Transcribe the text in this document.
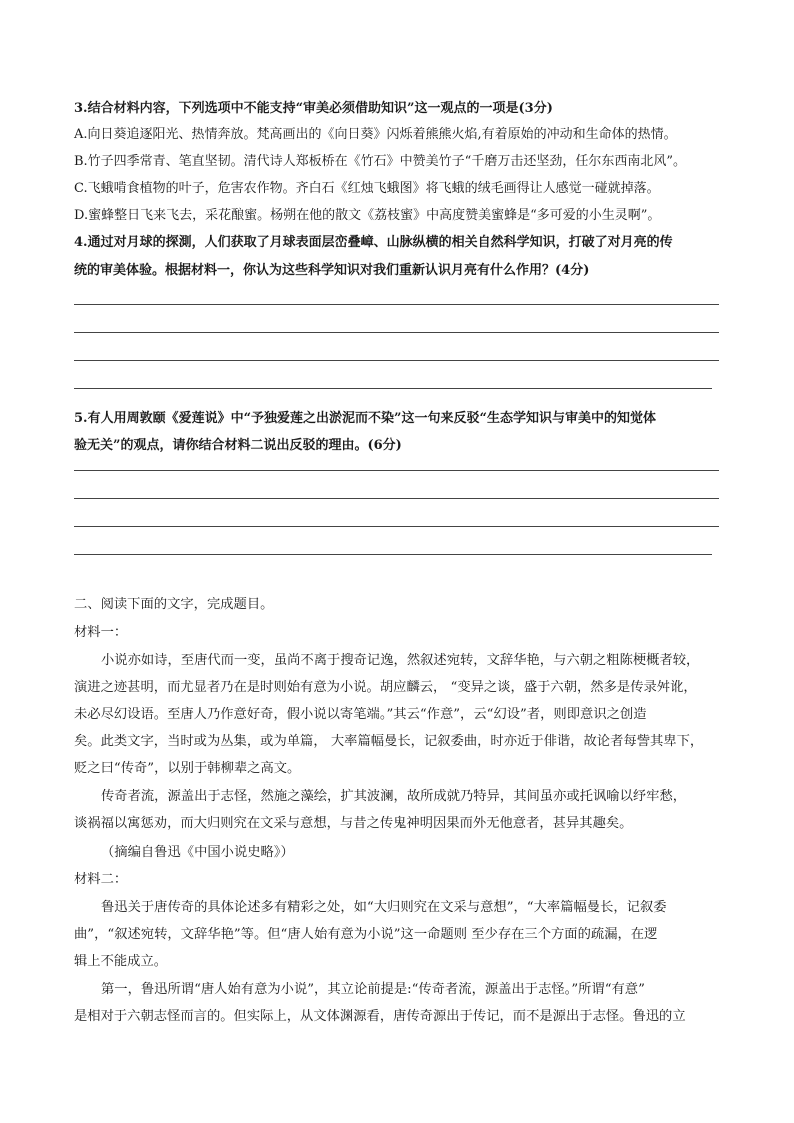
3.结合材料内容，下列选项中不能支持“审美必须借助知识”这一观点的一项是(3分)
A.向日葵追逐阳光、热情奔放。梵高画出的《向日葵》闪烁着熊熊火焰,有着原始的冲动和生命体的热情。
B.竹子四季常青、笔直坚韧。清代诗人郑板桥在《竹石》中赞美竹子“千磨万击还坚劲，任尔东西南北风”。
C.飞蛾啃食植物的叶子，危害农作物。齐白石《红烛飞蛾图》将飞蛾的绒毛画得让人感觉一碰就掉落。
D.蜜蜂整日飞来飞去，采花酿蜜。杨朔在他的散文《荔枝蜜》中高度赞美蜜蜂是“多可爱的小生灵啊”。
4.通过对月球的探測，人们获取了月球表面层峦叠嶂、山脉纵横的相关自然科学知识，打破了对月亮的传
统的审美体验。根据材料一，你认为这些科学知识对我们重新认识月亮有什么作用？(4分)
5.有人用周敦颐《爱莲说》中“予独爱莲之出淤泥而不染”这一句来反驳“生态学知识与审美中的知觉体
验无关”的观点，请你结合材料二说出反驳的理由。(6分)
二、阅读下面的文字，完成题目。
材料一：
小说亦如诗，至唐代而一变，虽尚不离于搜奇记逸，然叙述宛转，文辞华艳，与六朝之粗陈梗概者较，
演进之迹甚明，而尤显者乃在是时则始有意为小说。胡应麟云， “变异之谈，盛于六朝，然多是传录舛讹，
未必尽幻设语。至唐人乃作意好奇，假小说以寄笔端。”其云“作意”，云“幻设”者，则即意识之创造
矣。此类文字，当时或为丛集，或为单篇， 大率篇幅曼长，记叙委曲，时亦近于俳谐，故论者每訾其卑下，
贬之曰“传奇”，以别于韩柳辈之高文。
传奇者流，源盖出于志怪，然施之藻绘，扩其波澜，故所成就乃特异，其间虽亦或托讽喻以纾牢愁，
谈祸福以寓惩劝，而大归则究在文采与意想，与昔之传鬼神明因果而外无他意者，甚异其趣矣。
（摘编自鲁迅《中国小说史略》）
材料二：
鲁迅关于唐传奇的具体论述多有精彩之处，如“大归则究在文采与意想”，“大率篇幅曼长，记叙委
曲”，“叙述宛转，文辞华艳”等。但“唐人始有意为小说”这一命题则 至少存在三个方面的疏漏，在逻
辑上不能成立。
第一，鲁迅所谓“唐人始有意为小说”，其立论前提是:“传奇者流，源盖出于志怪。”所谓“有意”
是相对于六朝志怪而言的。但实际上，从文体渊源看，唐传奇源出于传记，而不是源出于志怪。鲁迅的立
